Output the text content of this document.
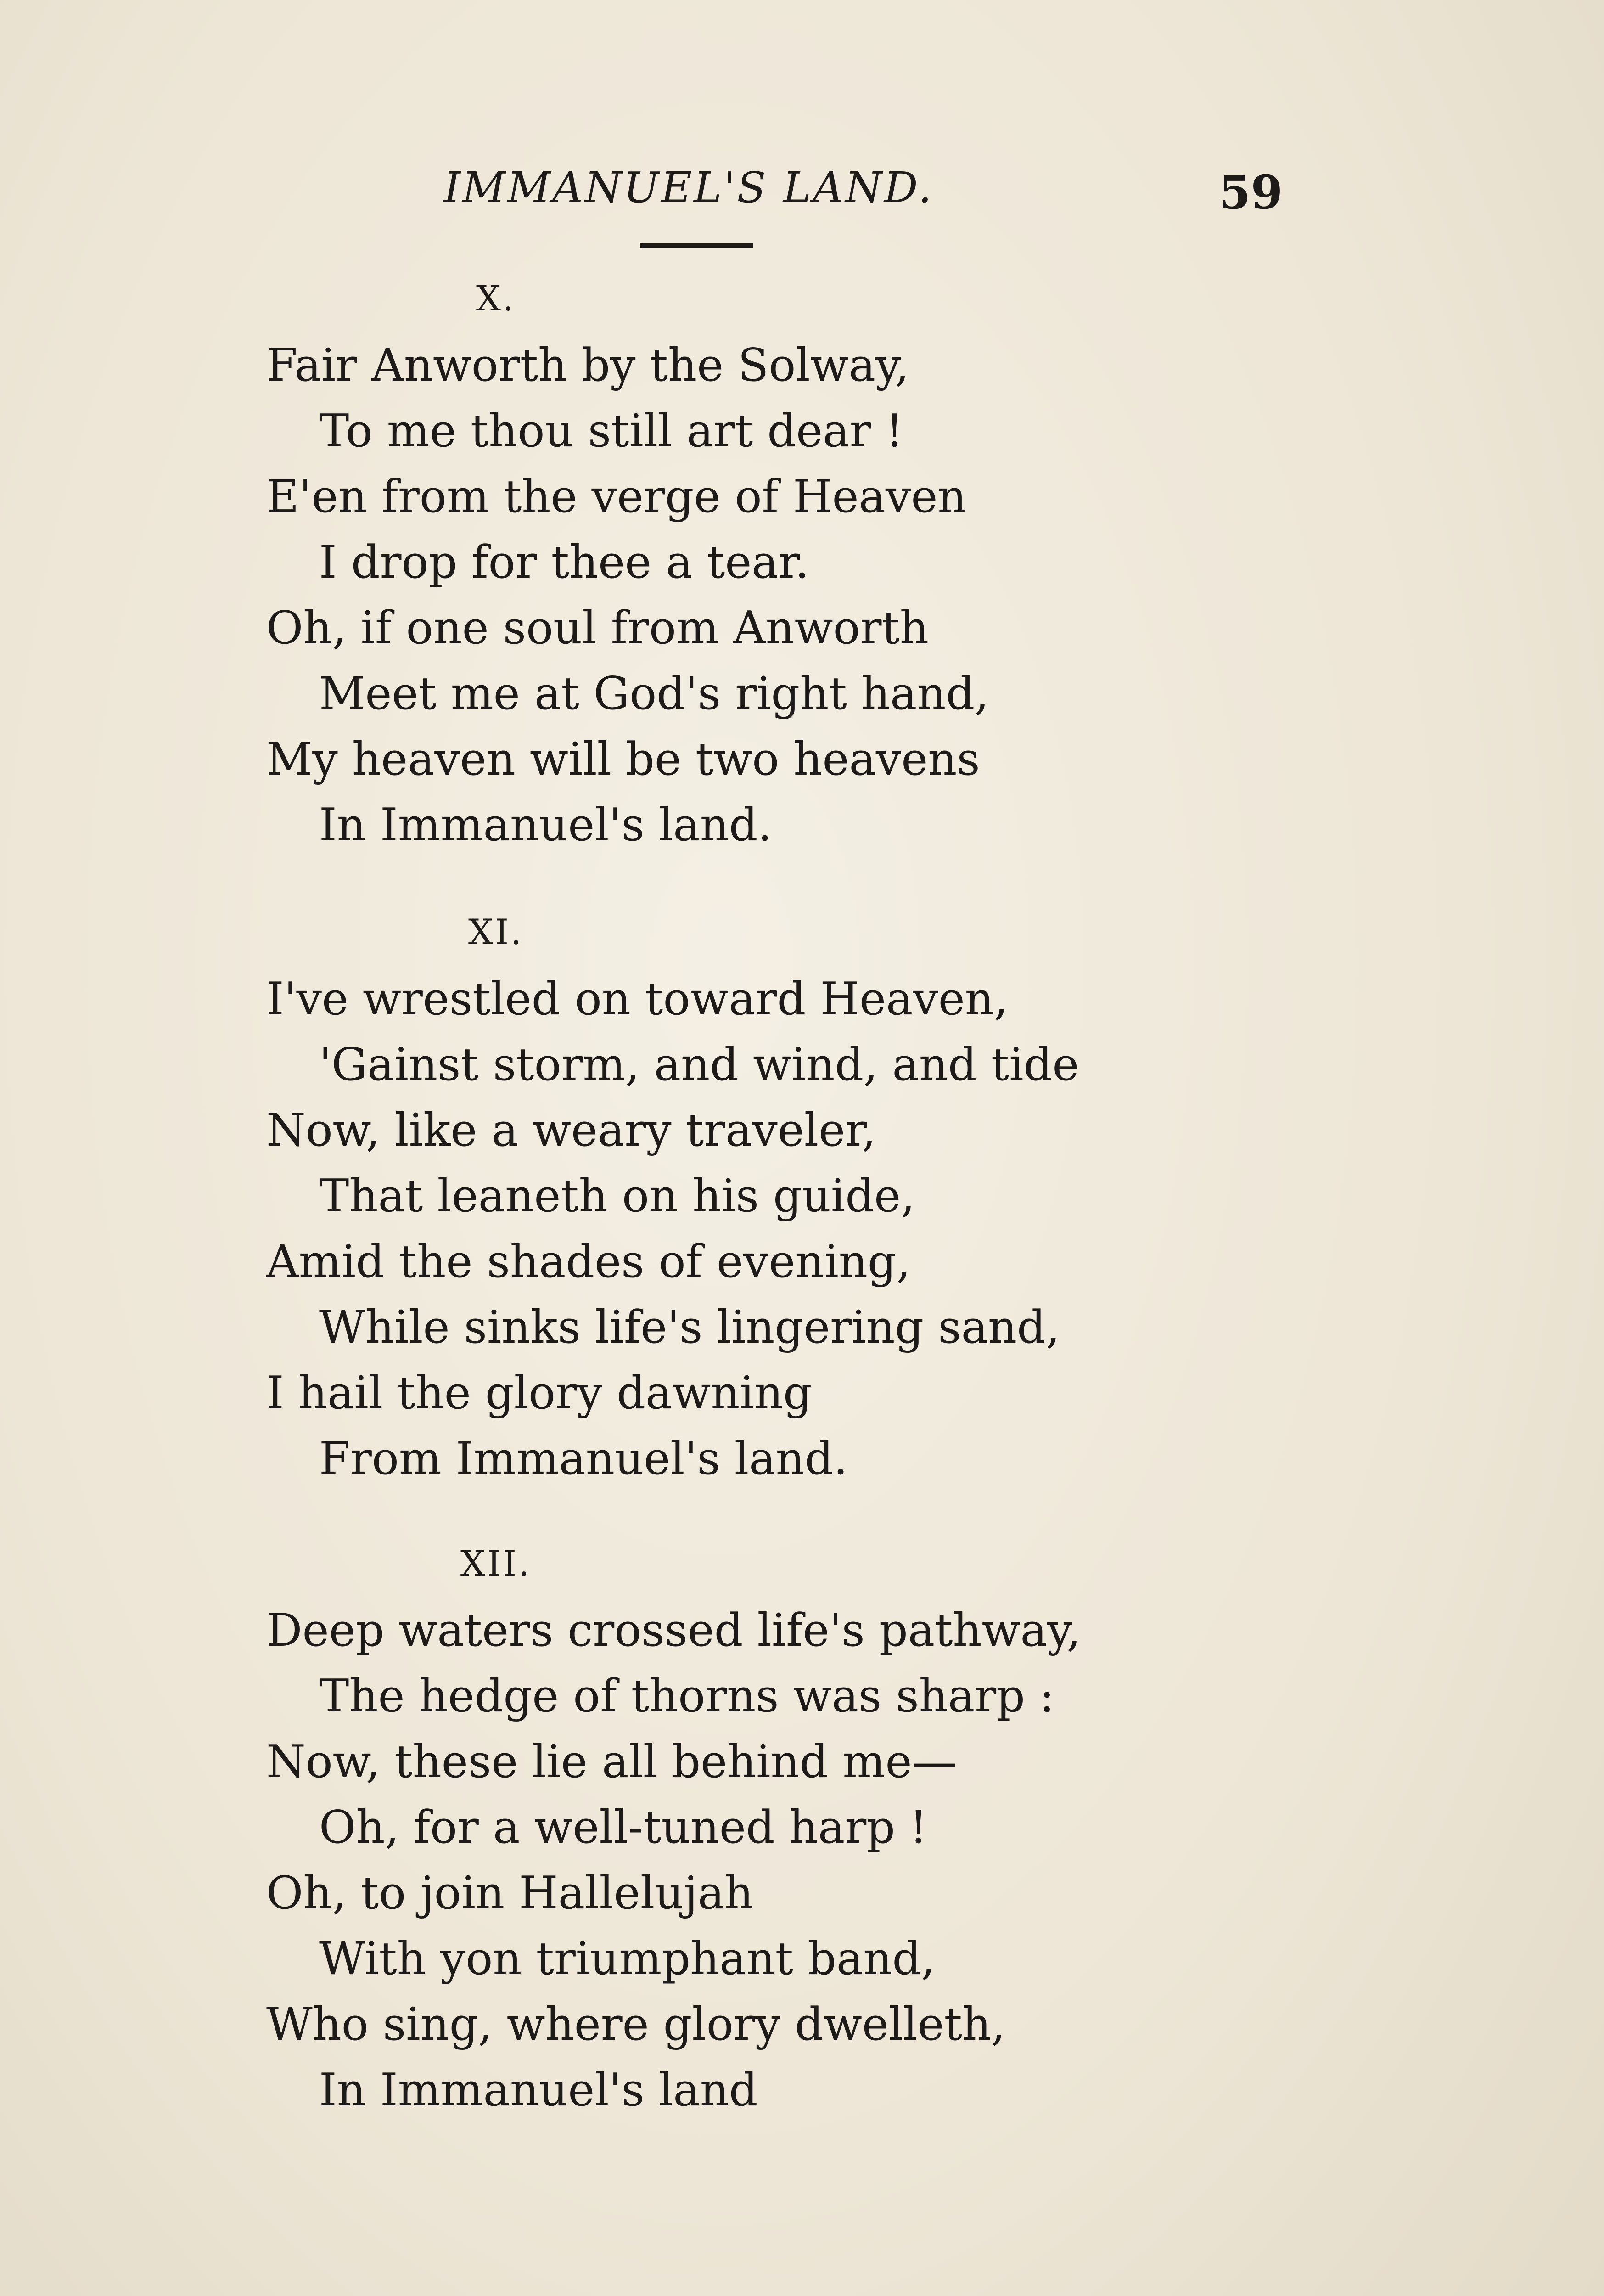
IMMANUEL'S LAND.	59
X.
Fair Anworth by the Solway,
To me thou still art dear !
E'en from the verge of Heaven
I drop for thee a tear.
Oh, if one soul from Anworth
Meet me at God's right hand,
My heaven will be two heavens
In Immanuel's land.
XI.
I've wrestled on toward Heaven,
'Gainst storm, and wind, and tide
Now, like a weary traveler,
That leaneth on his guide,
Amid the shades of evening,
While sinks life's lingering sand,
I hail the glory dawning
From Immanuel's land.
XII.
Deep waters crossed life's pathway,
The hedge of thorns was sharp :
Now, these lie all behind me—
Oh, for a well-tuned harp !
Oh, to join Hallelujah
With yon triumphant band,
Who sing, where glory dwelleth,
In Immanuel's land
